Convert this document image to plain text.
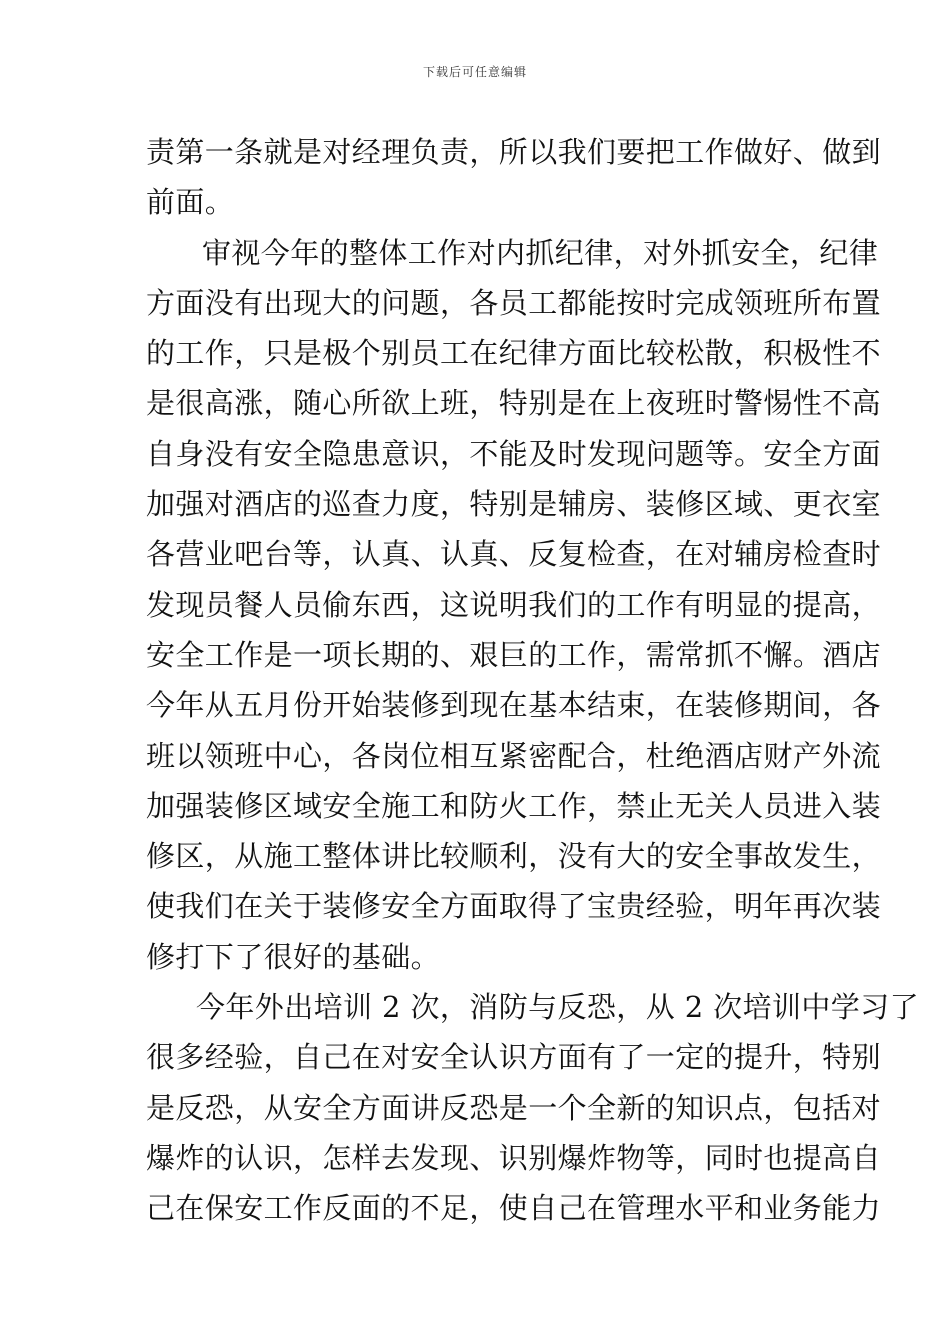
下载后可任意编辑
责第一条就是对经理负责，所以我们要把工作做好、做到
前面。
审视今年的整体工作对内抓纪律，对外抓安全，纪律
方面没有出现大的问题，各员工都能按时完成领班所布置
的工作，只是极个别员工在纪律方面比较松散，积极性不
是很高涨，随心所欲上班，特别是在上夜班时警惕性不高
自身没有安全隐患意识，不能及时发现问题等。安全方面
加强对酒店的巡查力度，特别是辅房、装修区域、更衣室
各营业吧台等，认真、认真、反复检查，在对辅房检查时
发现员餐人员偷东西，这说明我们的工作有明显的提高，
安全工作是一项长期的、艰巨的工作，需常抓不懈。酒店
今年从五月份开始装修到现在基本结束，在装修期间，各
班以领班中心，各岗位相互紧密配合，杜绝酒店财产外流
加强装修区域安全施工和防火工作，禁止无关人员进入装
修区，从施工整体讲比较顺利，没有大的安全事故发生，
使我们在关于装修安全方面取得了宝贵经验，明年再次装
修打下了很好的基础。
今年外出培训 2 次，消防与反恐，从 2 次培训中学习了
很多经验，自己在对安全认识方面有了一定的提升，特别
是反恐，从安全方面讲反恐是一个全新的知识点，包括对
爆炸的认识，怎样去发现、识别爆炸物等，同时也提高自
己在保安工作反面的不足，使自己在管理水平和业务能力
